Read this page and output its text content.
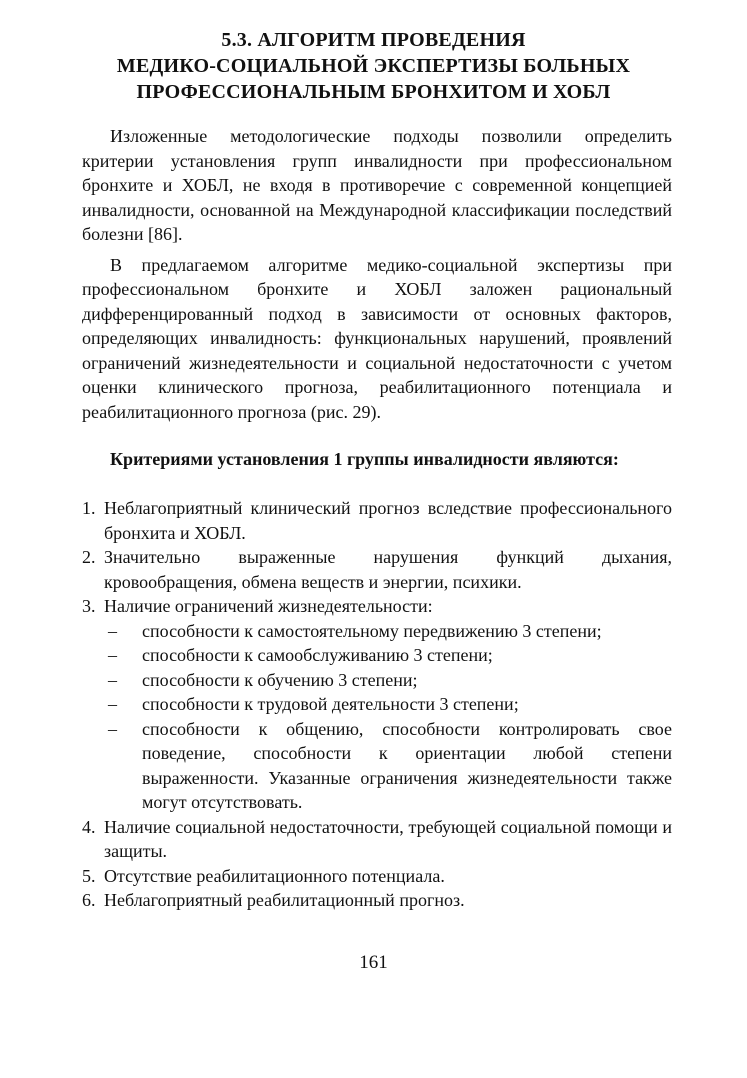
5.3. АЛГОРИТМ ПРОВЕДЕНИЯ
МЕДИКО-СОЦИАЛЬНОЙ ЭКСПЕРТИЗЫ БОЛЬНЫХ
ПРОФЕССИОНАЛЬНЫМ БРОНХИТОМ И ХОБЛ

Изложенные методологические подходы позволили определить критерии установления групп инвалидности при профессиональном бронхите и ХОБЛ, не входя в противоречие с современной концепцией инвалидности, основанной на Международной классификации последствий болезни [86].

В предлагаемом алгоритме медико-социальной экспертизы при профессиональном бронхите и ХОБЛ заложен рациональный дифференцированный подход в зависимости от основных факторов, определяющих инвалидность: функциональных нарушений, проявлений ограничений жизнедеятельности и социальной недостаточности с учетом оценки клинического прогноза, реабилитационного потенциала и реабилитационного прогноза (рис. 29).

Критериями установления 1 группы инвалидности являются:
1. Неблагоприятный клинический прогноз вследствие профессионального бронхита и ХОБЛ.
2. Значительно выраженные нарушения функций дыхания, кровообращения, обмена веществ и энергии, психики.
3. Наличие ограничений жизнедеятельности:
– способности к самостоятельному передвижению 3 степени;
– способности к самообслуживанию 3 степени;
– способности к обучению 3 степени;
– способности к трудовой деятельности 3 степени;
– способности к общению, способности контролировать свое поведение, способности к ориентации любой степени выраженности. Указанные ограничения жизнедеятельности также могут отсутствовать.
4. Наличие социальной недостаточности, требующей социальной помощи и защиты.
5. Отсутствие реабилитационного потенциала.
6. Неблагоприятный реабилитационный прогноз.
161
